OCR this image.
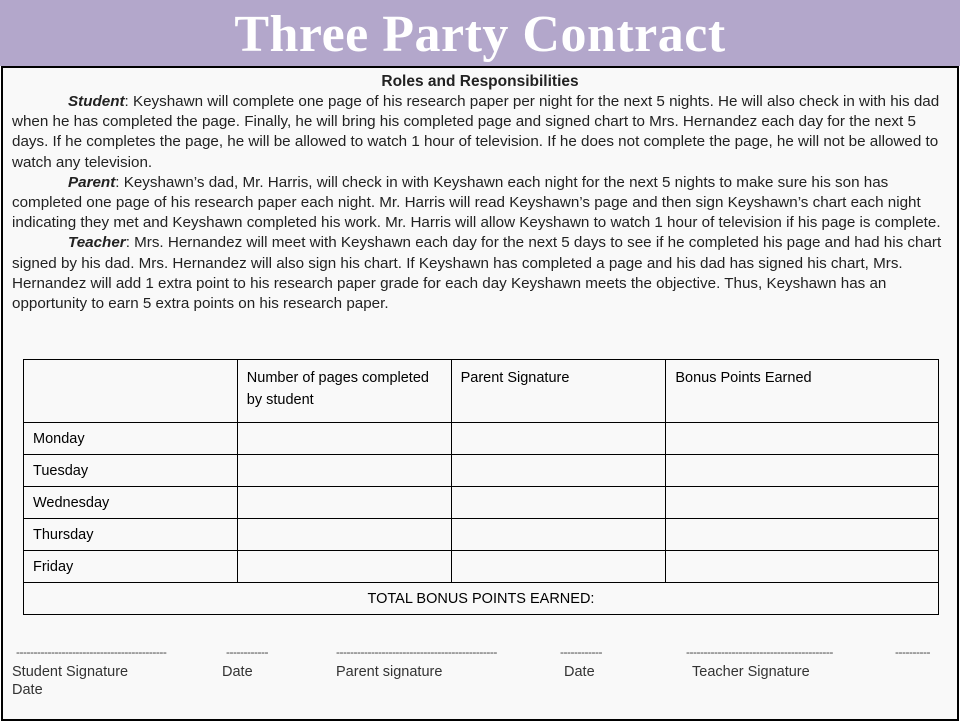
Three Party Contract
Roles and Responsibilities

Student: Keyshawn will complete one page of his research paper per night for the next 5 nights. He will also check in with his dad when he has completed the page. Finally, he will bring his completed page and signed chart to Mrs. Hernandez each day for the next 5 days. If he completes the page, he will be allowed to watch 1 hour of television. If he does not complete the page, he will not be allowed to watch any television.

Parent: Keyshawn’s dad, Mr. Harris, will check in with Keyshawn each night for the next 5 nights to make sure his son has completed one page of his research paper each night. Mr. Harris will read Keyshawn’s page and then sign Keyshawn’s chart each night indicating they met and Keyshawn completed his work. Mr. Harris will allow Keyshawn to watch 1 hour of television if his page is complete.

Teacher: Mrs. Hernandez will meet with Keyshawn each day for the next 5 days to see if he completed his page and had his chart signed by his dad. Mrs. Hernandez will also sign his chart. If Keyshawn has completed a page and his dad has signed his chart, Mrs. Hernandez will add 1 extra point to his research paper grade for each day Keyshawn meets the objective. Thus, Keyshawn has an opportunity to earn 5 extra points on his research paper.

	Number of pages completed by student	Parent Signature	Bonus Points Earned
Monday			
Tuesday			
Wednesday			
Thursday			
Friday			
TOTAL BONUS POINTS EARNED:			
-------------------------------------------	------------	----------------------------------------------	------------	------------------------------------------	----------
Student Signature	Date	Parent signature	Date	Teacher Signature
Date
